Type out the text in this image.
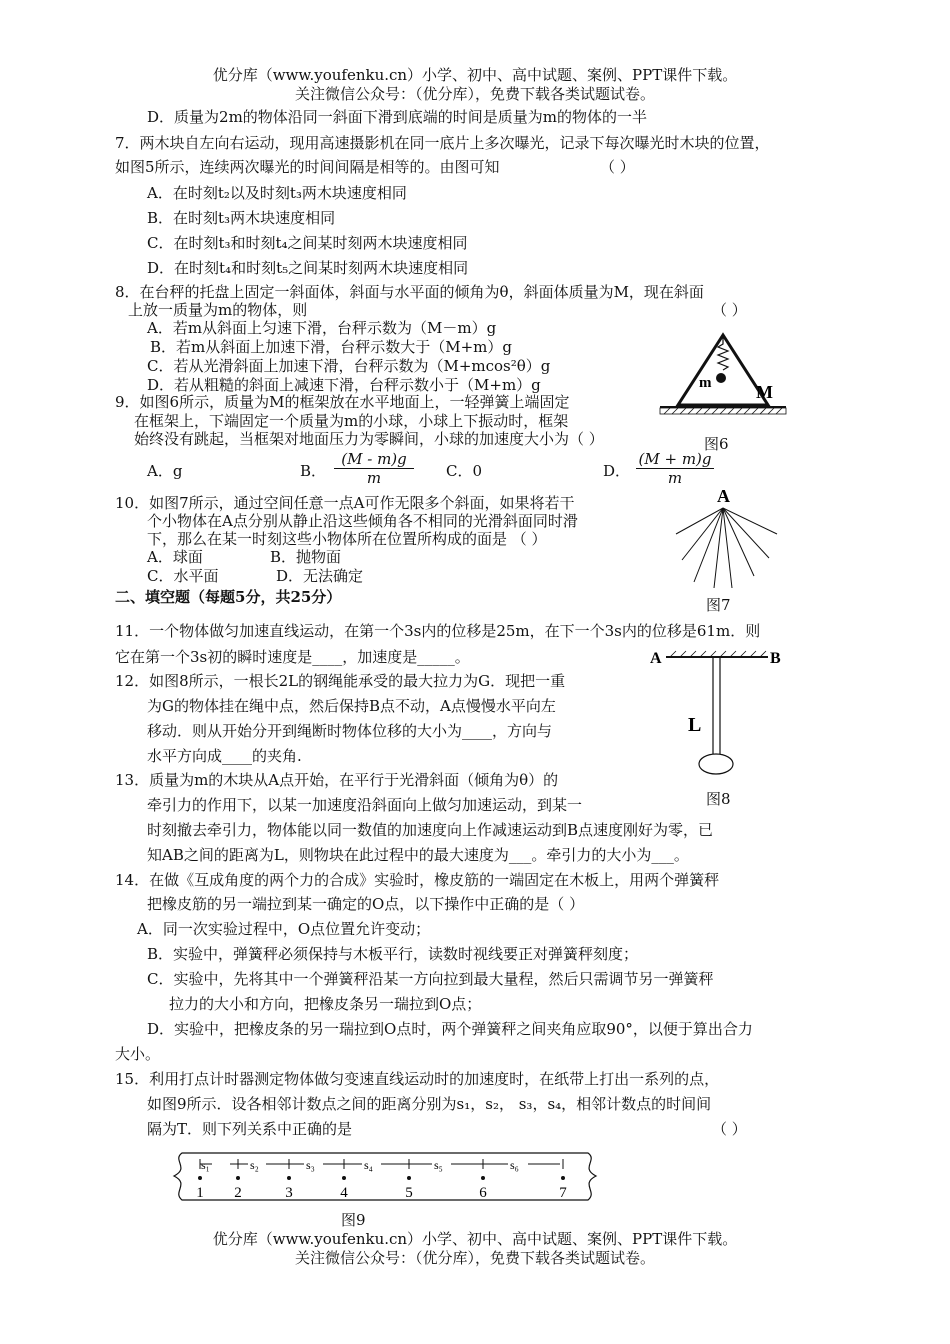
优分库（www.youfenku.cn）小学、初中、高中试题、案例、PPT课件下载。
关注微信公众号：（优分库），免费下载各类试题试卷。
D．质量为2m的物体沿同一斜面下滑到底端的时间是质量为m的物体的一半
7．两木块自左向右运动，现用高速摄影机在同一底片上多次曝光，记录下每次曝光时木块的位置，
如图5所示，连续两次曝光的时间间隔是相等的。由图可知	（ ）
A．在时刻t₂以及时刻t₃两木块速度相同
B．在时刻t₃两木块速度相同
C．在时刻t₃和时刻t₄之间某时刻两木块速度相同
D．在时刻t₄和时刻t₅之间某时刻两木块速度相同
8．在台秤的托盘上固定一斜面体，斜面与水平面的倾角为θ，斜面体质量为M，现在斜面
上放一质量为m的物体，则	（ ）
A．若m从斜面上匀速下滑，台秤示数为（M－m）g
B．若m从斜面上加速下滑，台秤示数大于（M+m）g
C．若从光滑斜面上加速下滑，台秤示数为（M+mcos²θ）g
D．若从粗糙的斜面上减速下滑，台秤示数小于（M+m）g	m M
图6
9．如图6所示，质量为M的框架放在水平地面上，一轻弹簧上端固定
在框架上，下端固定一个质量为m的小球，小球上下振动时，框架
始终没有跳起，当框架对地面压力为零瞬间，小球的加速度大小为（ ）
A．g	B． $\frac{(M - m)g}{m}$ C．0	D． $\frac{(M + m)g}{m}$
10．如图7所示，通过空间任意一点A可作无限多个斜面，如果将若干
个小物体在A点分别从静止沿这些倾角各不相同的光滑斜面同时滑
下，那么在某一时刻这些小物体所在位置所构成的面是 （ ）
A．球面	B．抛物面
C．水平面	D．无法确定
A
图7
二、填空题（每题5分，共25分）
11．一个物体做匀加速直线运动，在第一个3s内的位移是25m，在下一个3s内的位移是61m．则
它在第一个3s初的瞬时速度是____，加速度是_____。	A	B
L
图8
12．如图8所示，一根长2L的钢绳能承受的最大拉力为G．现把一重
为G的物体挂在绳中点，然后保持B点不动，A点慢慢水平向左
移动．则从开始分开到绳断时物体位移的大小为____，方向与
水平方向成____的夹角.
13．质量为m的木块从A点开始，在平行于光滑斜面（倾角为θ）的
牵引力的作用下，以某一加速度沿斜面向上做匀加速运动，到某一
时刻撤去牵引力，物体能以同一数值的加速度向上作减速运动到B点速度刚好为零，已
知AB之间的距离为L，则物块在此过程中的最大速度为___。牵引力的大小为___。
14．在做《互成角度的两个力的合成》实验时，橡皮筋的一端固定在木板上，用两个弹簧秤
把橡皮筋的另一端拉到某一确定的O点，以下操作中正确的是（ ）
A．同一次实验过程中，O点位置允许变动；
B．实验中，弹簧秤必须保持与木板平行，读数时视线要正对弹簧秤刻度；
C．实验中，先将其中一个弹簧秤沿某一方向拉到最大量程，然后只需调节另一弹簧秤
拉力的大小和方向，把橡皮条另一瑞拉到O点；
D．实验中，把橡皮条的另一瑞拉到O点时，两个弹簧秤之间夹角应取90°，以便于算出合力
大小。
15．利用打点计时器测定物体做匀变速直线运动时的加速度时，在纸带上打出一系列的点，
如图9所示．设各相邻计数点之间的距离分别为s₁，s₂， s₃，s₄，相邻计数点的时间间
隔为T．则下列关系中正确的是	（ ）
s₁	s₂	s₃	s₄	s₅	s₆
1 2	3	4	5	6	7
图9
优分库（www.youfenku.cn）小学、初中、高中试题、案例、PPT课件下载。
关注微信公众号：（优分库），免费下载各类试题试卷。
